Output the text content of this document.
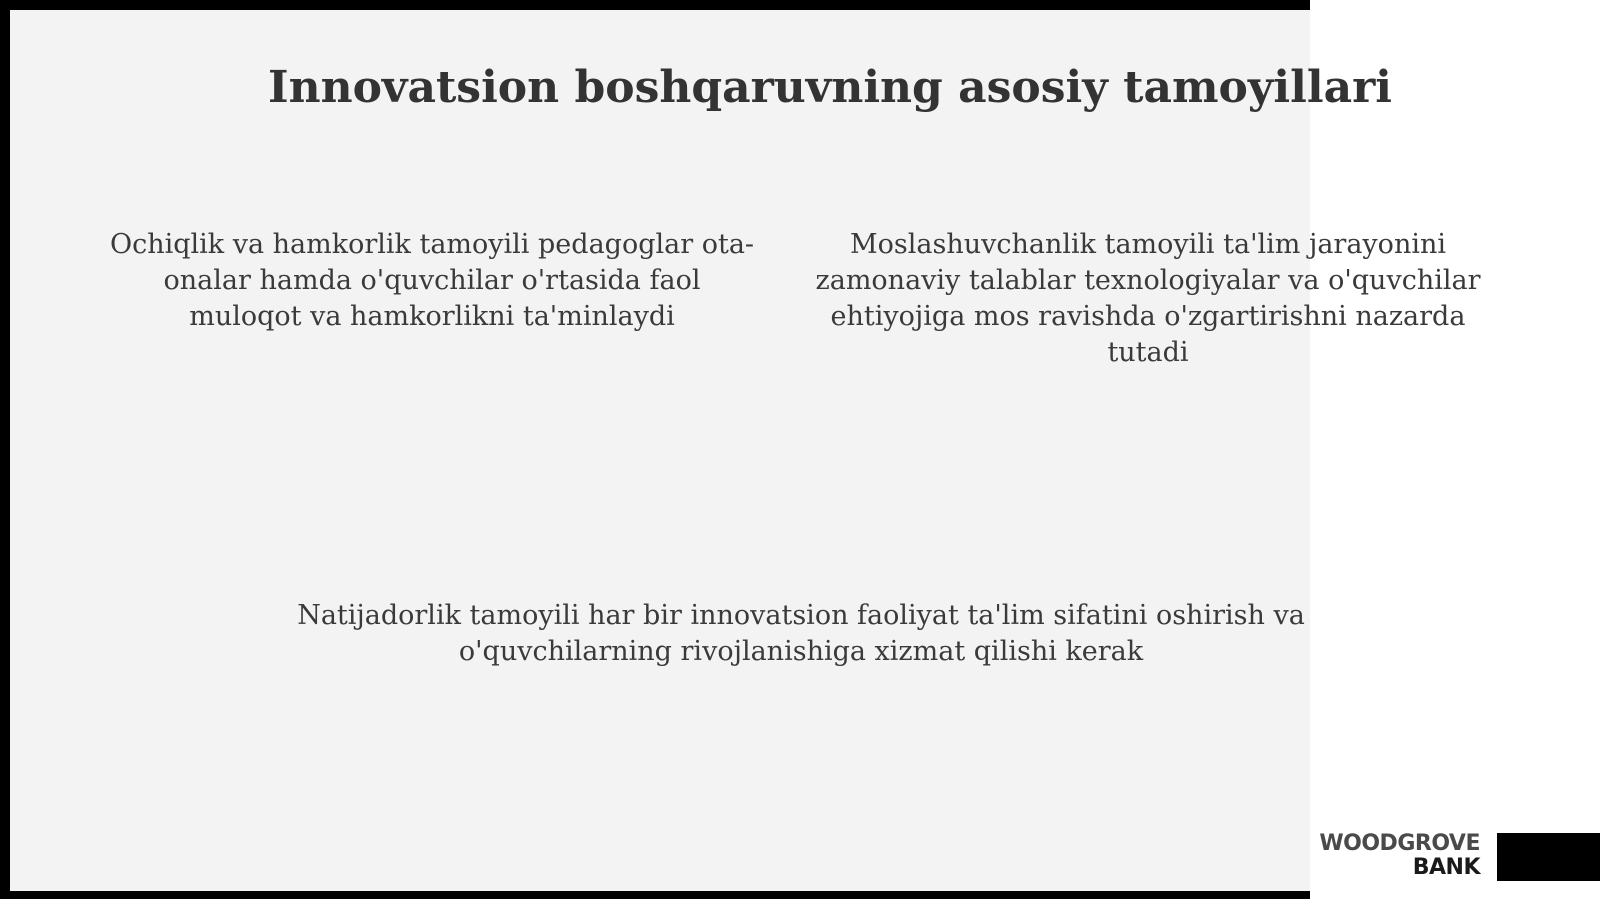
Innovatsion boshqaruvning asosiy tamoyillari
Ochiqlik va hamkorlik tamoyili pedagoglar ota-onalar hamda o'quvchilar o'rtasida faol muloqot va hamkorlikni ta'minlaydi
Moslashuvchanlik tamoyili ta'lim jarayonini zamonaviy talablar texnologiyalar va o'quvchilar ehtiyojiga mos ravishda o'zgartirishni nazarda tutadi
Natijadorlik tamoyili har bir innovatsion faoliyat ta'lim sifatini oshirish va o'quvchilarning rivojlanishiga xizmat qilishi kerak
WOODGROVE
BANK
